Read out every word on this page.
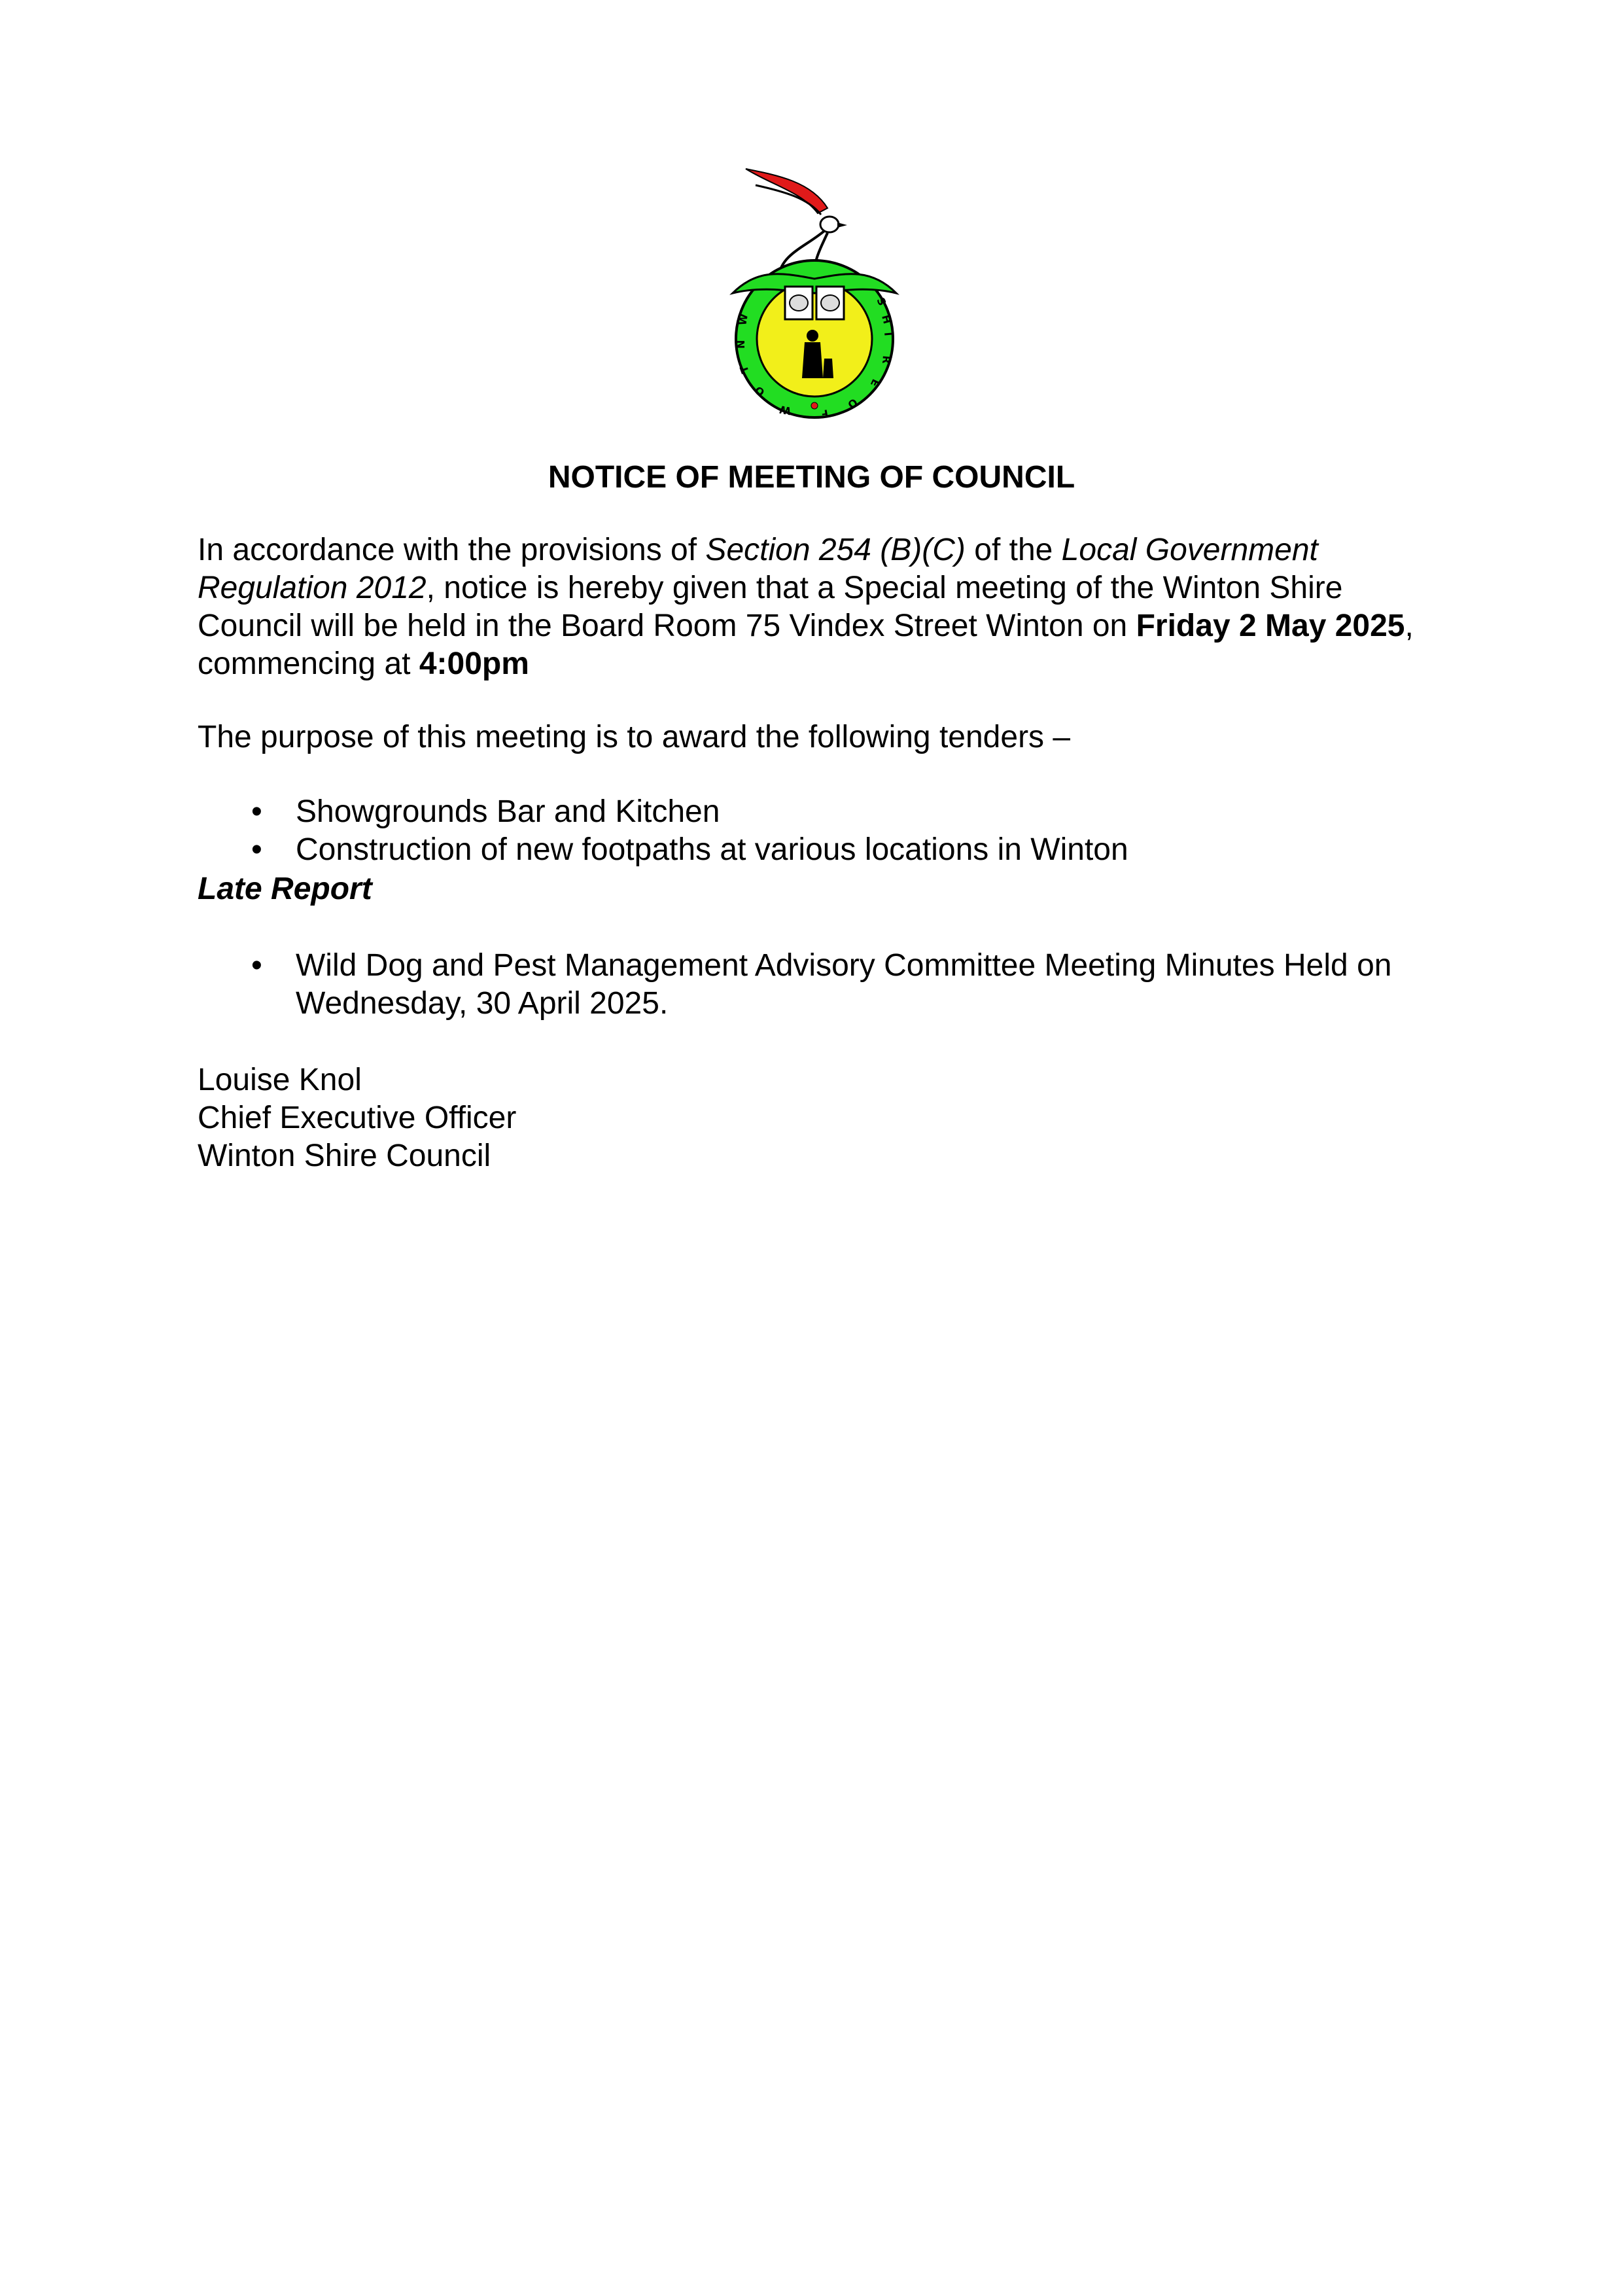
W
N
T
O
W	F
O
E
R
I
H
S
NOTICE OF MEETING OF COUNCIL
In accordance with the provisions of Section 254 (B)(C) of the Local Government Regulation 2012, notice is hereby given that a Special meeting of the Winton Shire Council will be held in the Board Room 75 Vindex Street Winton on Friday 2 May 2025, commencing at 4:00pm
The purpose of this meeting is to award the following tenders –
• Showgrounds Bar and Kitchen
• Construction of new footpaths at various locations in Winton
Late Report
• Wild Dog and Pest Management Advisory Committee Meeting Minutes Held on Wednesday, 30 April 2025.
Louise Knol
Chief Executive Officer
Winton Shire Council
